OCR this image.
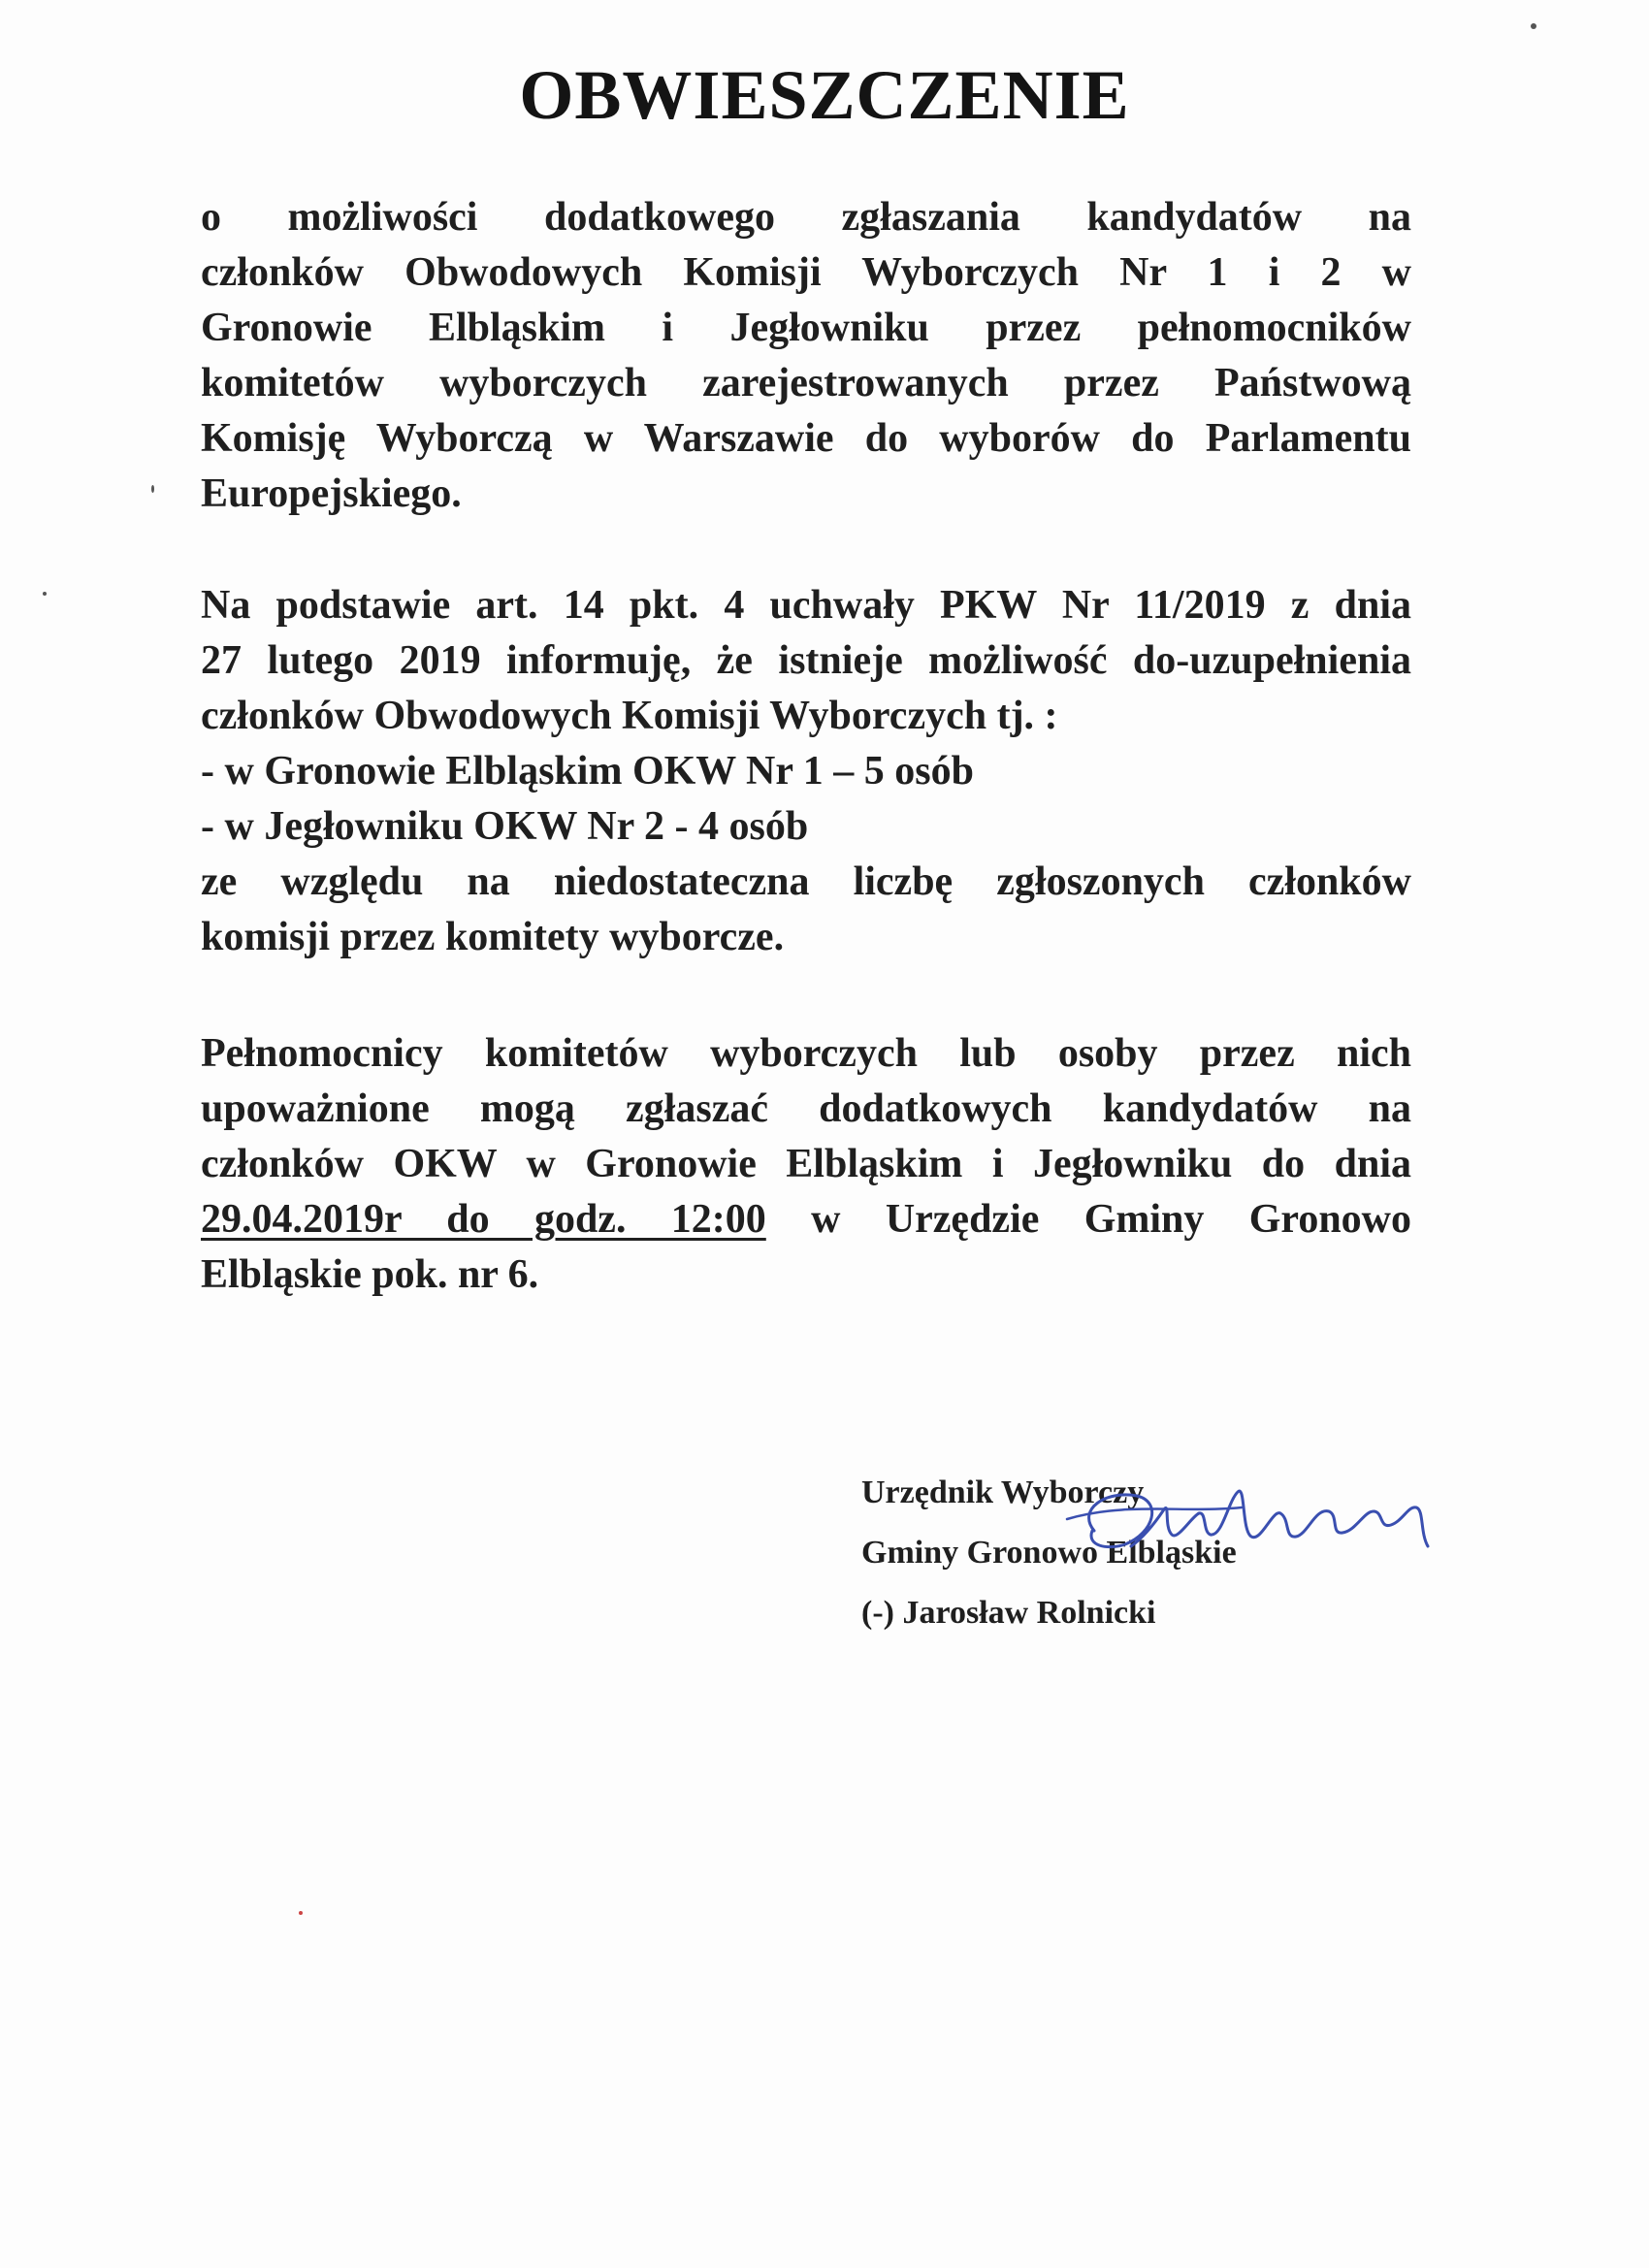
OBWIESZCZENIE
o możliwości dodatkowego zgłaszania kandydatów na
członków Obwodowych Komisji Wyborczych Nr 1 i 2 w
Gronowie Elbląskim i Jegłowniku przez pełnomocników
komitetów wyborczych zarejestrowanych przez Państwową
Komisję Wyborczą w Warszawie do wyborów do Parlamentu
Europejskiego.
Na podstawie art. 14 pkt. 4 uchwały PKW Nr 11/2019 z dnia
27 lutego 2019 informuję, że istnieje możliwość do-uzupełnienia
członków Obwodowych Komisji Wyborczych tj. :
- w Gronowie Elbląskim OKW Nr 1 – 5 osób
- w Jegłowniku OKW Nr 2 - 4 osób
ze względu na niedostateczna liczbę zgłoszonych członków
komisji przez komitety wyborcze.
Pełnomocnicy komitetów wyborczych lub osoby przez nich
upoważnione mogą zgłaszać dodatkowych kandydatów na
członków OKW w Gronowie Elbląskim i Jegłowniku do dnia
29.04.2019r do godz. 12:00 w Urzędzie Gminy Gronowo
Elbląskie pok. nr 6.
Urzędnik Wyborczy
Gminy Gronowo Elbląskie
(-) Jarosław Rolnicki
